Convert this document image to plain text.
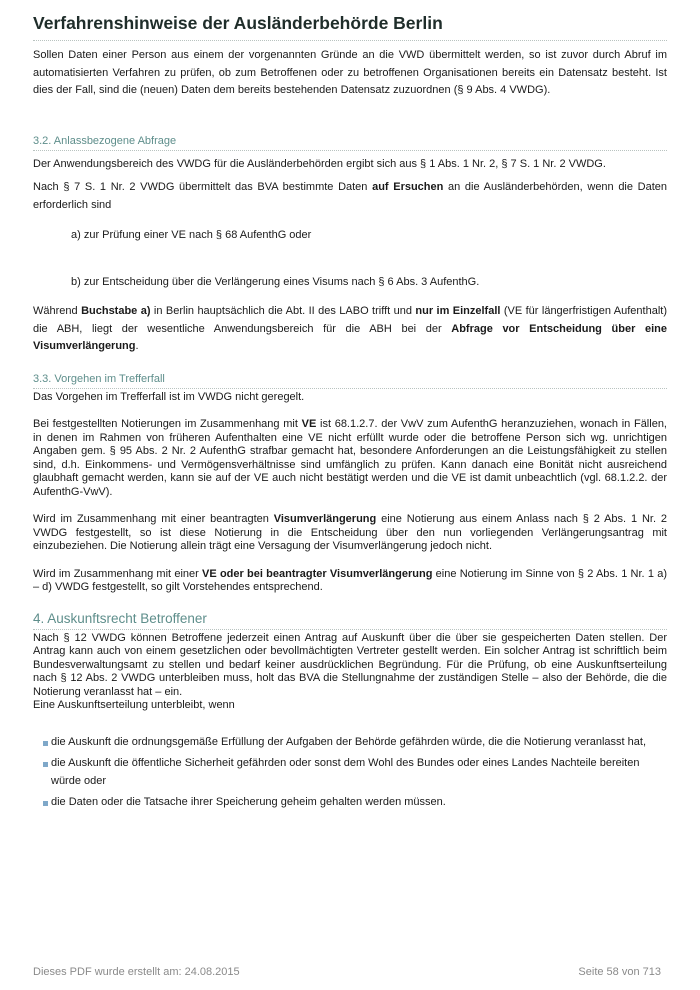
Verfahrenshinweise der Ausländerbehörde Berlin

Sollen Daten einer Person aus einem der vorgenannten Gründe an die VWD übermittelt werden, so ist zuvor durch Abruf im automatisierten Verfahren zu prüfen, ob zum Betroffenen oder zu betroffenen Organisationen bereits ein Datensatz besteht. Ist dies der Fall, sind die (neuen) Daten dem bereits bestehenden Datensatz zuzuordnen (§ 9 Abs. 4 VWDG).

3.2. Anlassbezogene Abfrage

Der Anwendungsbereich des VWDG für die Ausländerbehörden ergibt sich aus § 1 Abs. 1 Nr. 2, § 7 S. 1 Nr. 2 VWDG.

Nach § 7 S. 1 Nr. 2 VWDG übermittelt das BVA bestimmte Daten auf Ersuchen an die Ausländerbehörden, wenn die Daten erforderlich sind

a) zur Prüfung einer VE nach § 68 AufenthG oder

b) zur Entscheidung über die Verlängerung eines Visums nach § 6 Abs. 3 AufenthG.

Während Buchstabe a) in Berlin hauptsächlich die Abt. II des LABO trifft und nur im Einzelfall (VE für längerfristigen Aufenthalt) die ABH, liegt der wesentliche Anwendungsbereich für die ABH bei der Abfrage vor Entscheidung über eine Visumverlängerung.

3.3. Vorgehen im Trefferfall

Das Vorgehen im Trefferfall ist im VWDG nicht geregelt.

Bei festgestellten Notierungen im Zusammenhang mit VE ist 68.1.2.7. der VwV zum AufenthG heranzuziehen, wonach in Fällen, in denen im Rahmen von früheren Aufenthalten eine VE nicht erfüllt wurde oder die betroffene Person sich wg. unrichtigen Angaben gem. § 95 Abs. 2 Nr. 2 AufenthG strafbar gemacht hat, besondere Anforderungen an die Leistungsfähigkeit zu stellen sind, d.h. Einkommens- und Vermögensverhältnisse sind umfänglich zu prüfen. Kann danach eine Bonität nicht ausreichend glaubhaft gemacht werden, kann sie auf der VE auch nicht bestätigt werden und die VE ist damit unbeachtlich (vgl. 68.1.2.2. der AufenthG-VwV).

Wird im Zusammenhang mit einer beantragten Visumverlängerung eine Notierung aus einem Anlass nach § 2 Abs. 1 Nr. 2 VWDG festgestellt, so ist diese Notierung in die Entscheidung über den nun vorliegenden Verlängerungsantrag mit einzubeziehen. Die Notierung allein trägt eine Versagung der Visumverlängerung jedoch nicht.

Wird im Zusammenhang mit einer VE oder bei beantragter Visumverlängerung eine Notierung im Sinne von § 2 Abs. 1 Nr. 1 a) – d) VWDG festgestellt, so gilt Vorstehendes entsprechend.

4. Auskunftsrecht Betroffener

Nach § 12 VWDG können Betroffene jederzeit einen Antrag auf Auskunft über die über sie gespeicherten Daten stellen. Der Antrag kann auch von einem gesetzlichen oder bevollmächtigten Vertreter gestellt werden. Ein solcher Antrag ist schriftlich beim Bundesverwaltungsamt zu stellen und bedarf keiner ausdrücklichen Begründung. Für die Prüfung, ob eine Auskunftserteilung nach § 12 Abs. 2 VWDG unterbleiben muss, holt das BVA die Stellungnahme der zuständigen Stelle – also der Behörde, die die Notierung veranlasst hat – ein.

Eine Auskunftserteilung unterbleibt, wenn

die Auskunft die ordnungsgemäße Erfüllung der Aufgaben der Behörde gefährden würde, die die Notierung veranlasst hat,
die Auskunft die öffentliche Sicherheit gefährden oder sonst dem Wohl des Bundes oder eines Landes Nachteile bereiten würde oder
die Daten oder die Tatsache ihrer Speicherung geheim gehalten werden müssen.
Dieses PDF wurde erstellt am: 24.08.2015	Seite 58 von 713
